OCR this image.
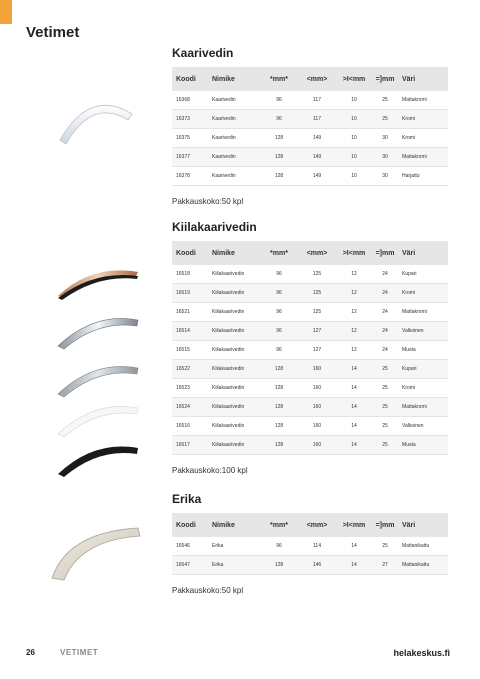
Vetimet
Kaarivedin
Koodi	Nimike	*mm*	<mm>	>I<mm	=]mm	Väri
16368	Kaarivedin	96	117	10	25	Mattakromi
16373	Kaarivedin	96	117	10	25	Kromi
16375	Kaarivedin	128	149	10	30	Kromi
16377	Kaarivedin	128	149	10	30	Mattakromi
16378	Kaarivedin	128	149	10	30	Harjattu
Pakkauskoko:50 kpl
Kiilakaarivedin
Koodi	Nimike	*mm*	<mm>	>I<mm	=]mm	Väri
16518	Kiilakaarivedin	96	125	12	24	Kupari
16519	Kiilakaarivedin	96	125	12	24	Kromi
16521	Kiilakaarivedin	96	125	12	24	Mattakromi
16514	Kiilakaarivedin	96	127	12	24	Valkoinen
16515	Kiilakaarivedin	96	127	12	24	Musta
16522	Kiilakaarivedin	128	160	14	25	Kupari
16523	Kiilakaarivedin	128	160	14	25	Kromi
16524	Kiilakaarivedin	128	160	14	25	Mattakromi
16516	Kiilakaarivedin	128	160	14	25	Valkoinen
16517	Kiilakaarivedin	128	160	14	25	Musta
Pakkauskoko:100 kpl
Erika
Koodi	Nimike	*mm*	<mm>	>I<mm	=]mm	Väri
16546	Erika	96	114	14	25	Mattanikattu
16547	Erika	128	146	14	27	Mattanikattu
Pakkauskoko:50 kpl
26	VETIMET	helakeskus.fi
